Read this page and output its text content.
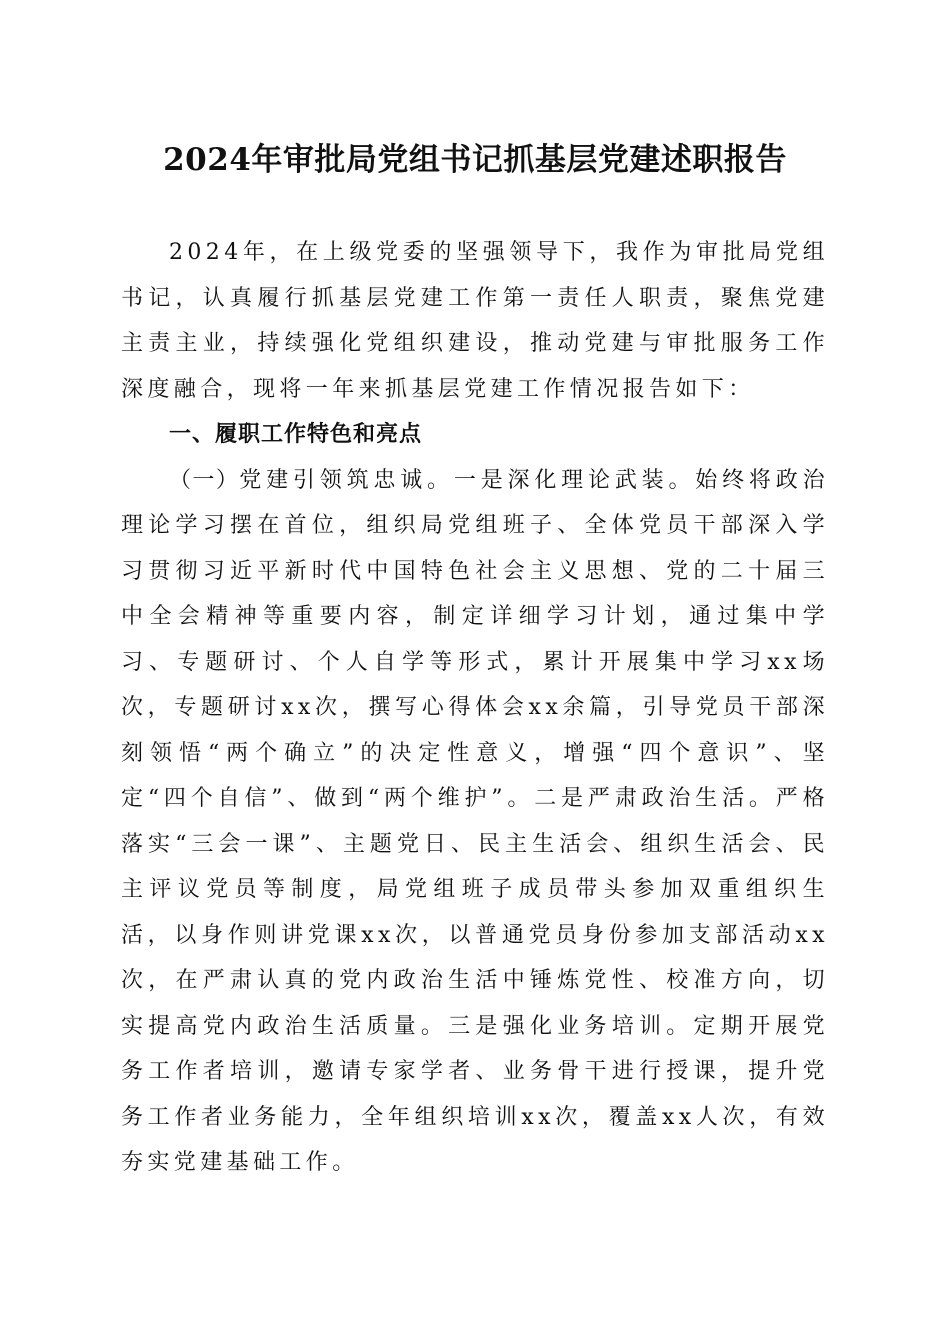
2024年审批局党组书记抓基层党建述职报告

2024年，在上级党委的坚强领导下，我作为审批局党组书记，认真履行抓基层党建工作第一责任人职责，聚焦党建主责主业，持续强化党组织建设，推动党建与审批服务工作深度融合，现将一年来抓基层党建工作情况报告如下：

一、履职工作特色和亮点

（一）党建引领筑忠诚。一是深化理论武装。始终将政治理论学习摆在首位，组织局党组班子、全体党员干部深入学习贯彻习近平新时代中国特色社会主义思想、党的二十届三中全会精神等重要内容，制定详细学习计划，通过集中学习、专题研讨、个人自学等形式，累计开展集中学习xx场次，专题研讨xx次，撰写心得体会xx余篇，引导党员干部深刻领悟“两个确立”的决定性意义，增强“四个意识”、坚定“四个自信”、做到“两个维护”。二是严肃政治生活。严格落实“三会一课”、主题党日、民主生活会、组织生活会、民主评议党员等制度，局党组班子成员带头参加双重组织生活，以身作则讲党课xx次，以普通党员身份参加支部活动xx次，在严肃认真的党内政治生活中锤炼党性、校准方向，切实提高党内政治生活质量。三是强化业务培训。定期开展党务工作者培训，邀请专家学者、业务骨干进行授课，提升党务工作者业务能力，全年组织培训xx次，覆盖xx人次，有效夯实党建基础工作。
